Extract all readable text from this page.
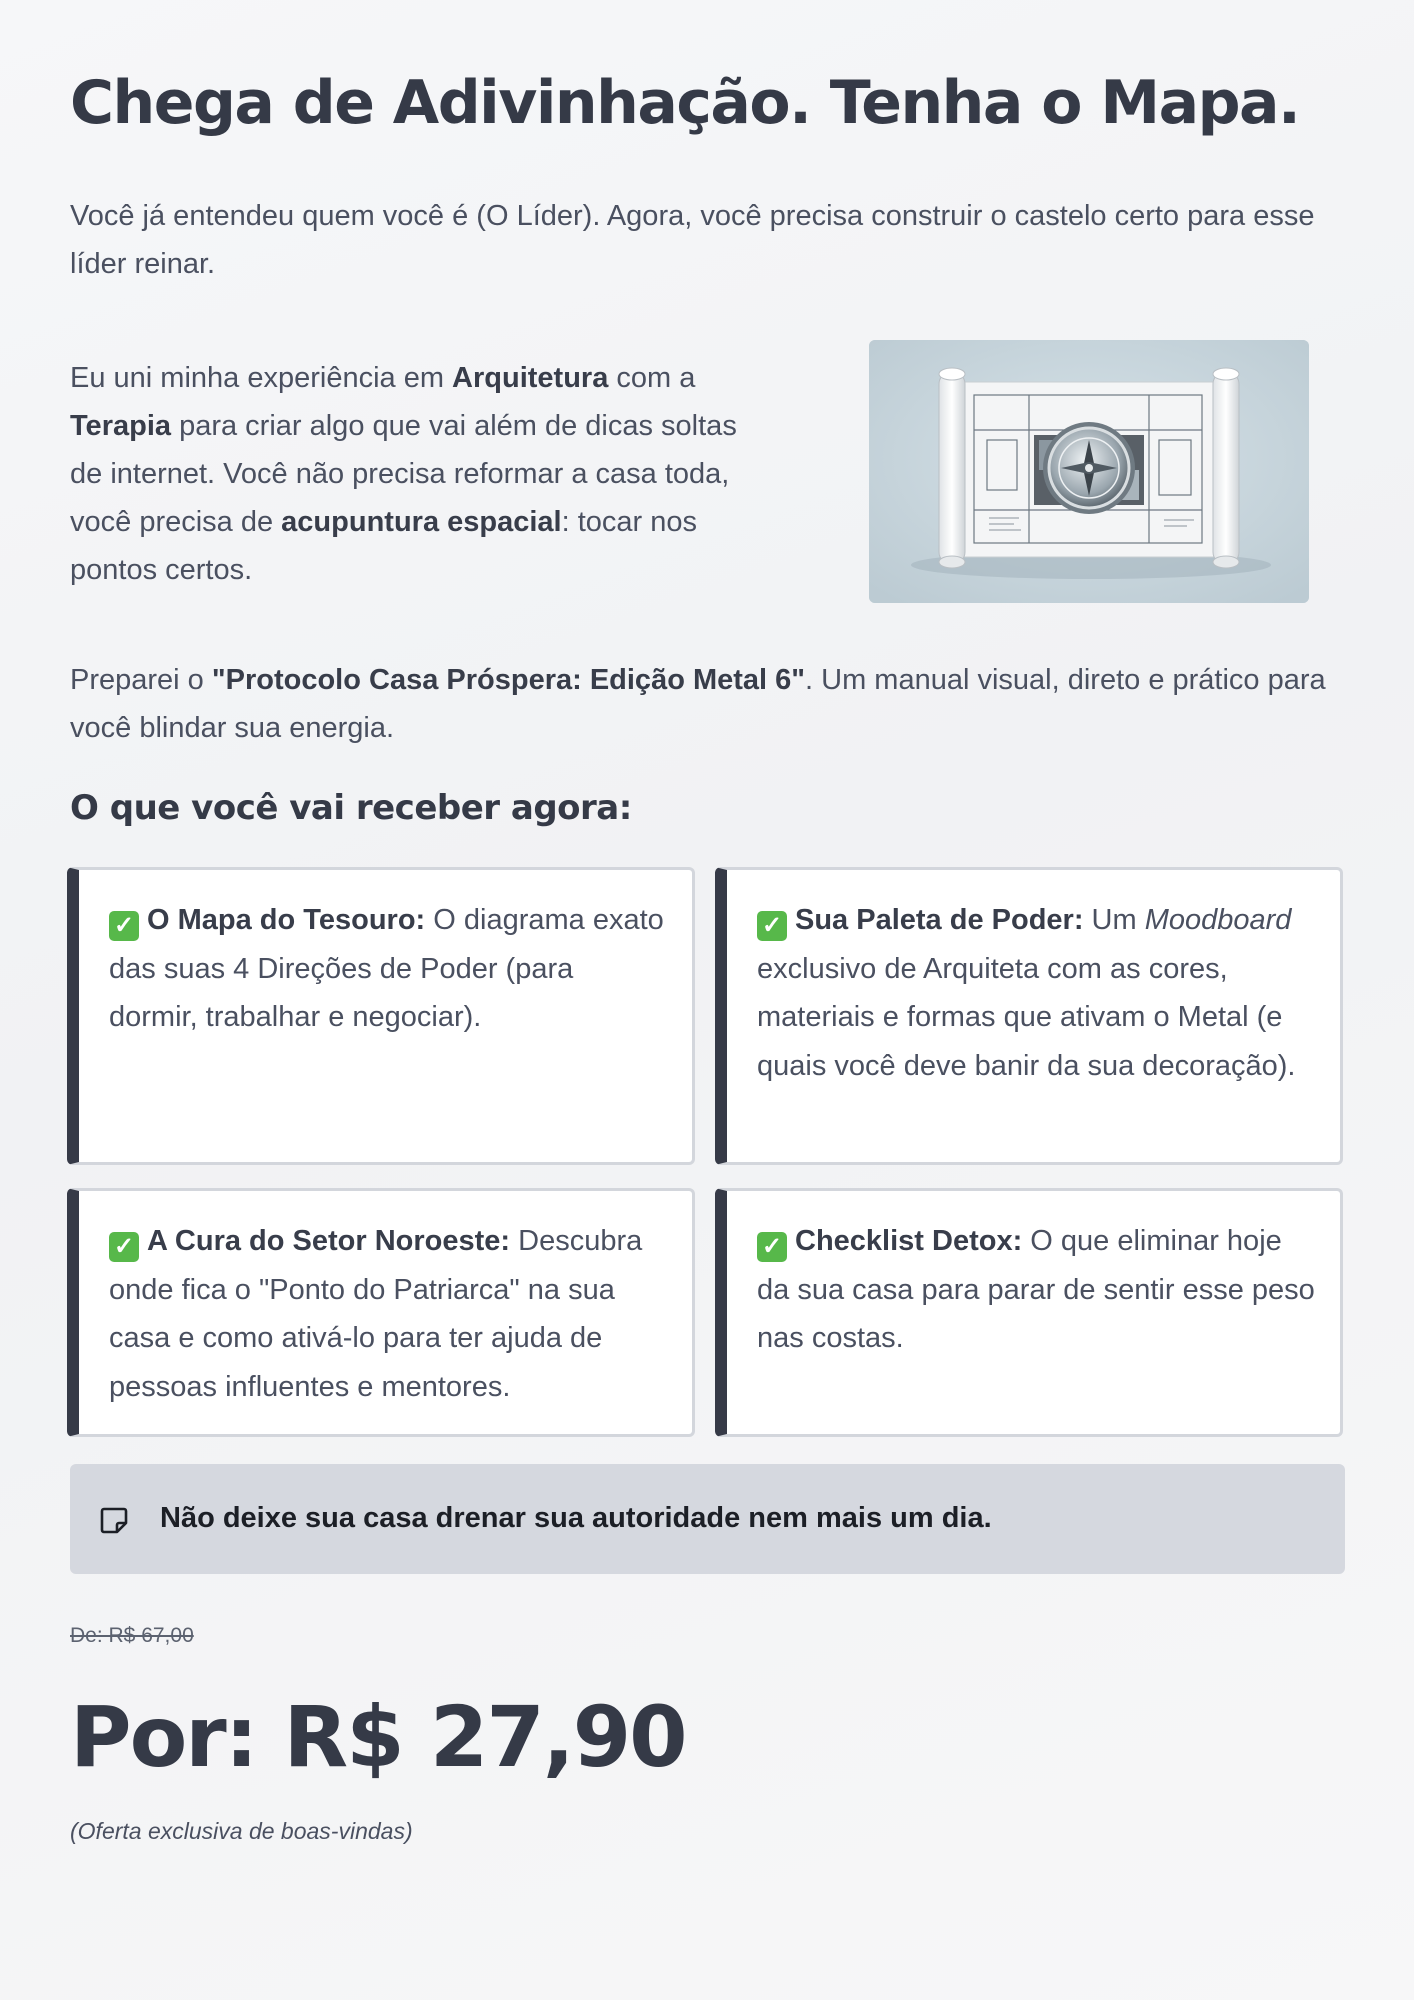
Chega de Adivinhação. Tenha o Mapa.

Você já entendeu quem você é (O Líder). Agora, você precisa construir o castelo certo para esse líder reinar.

Eu uni minha experiência em Arquitetura com a Terapia para criar algo que vai além de dicas soltas de internet. Você não precisa reformar a casa toda, você precisa de acupuntura espacial: tocar nos pontos certos.

Preparei o "Protocolo Casa Próspera: Edição Metal 6". Um manual visual, direto e prático para você blindar sua energia.

O que você vai receber agora:
✓ O Mapa do Tesouro: O diagrama exato das suas 4 Direções de Poder (para dormir, trabalhar e negociar).
✓ Sua Paleta de Poder: Um Moodboard exclusivo de Arquiteta com as cores, materiais e formas que ativam o Metal (e quais você deve banir da sua decoração).
✓ A Cura do Setor Noroeste: Descubra onde fica o "Ponto do Patriarca" na sua casa e como ativá-lo para ter ajuda de pessoas influentes e mentores.
✓ Checklist Detox: O que eliminar hoje da sua casa para parar de sentir esse peso nas costas.
Não deixe sua casa drenar sua autoridade nem mais um dia.
De: R$ 67,00
Por: R$ 27,90
(Oferta exclusiva de boas-vindas)
